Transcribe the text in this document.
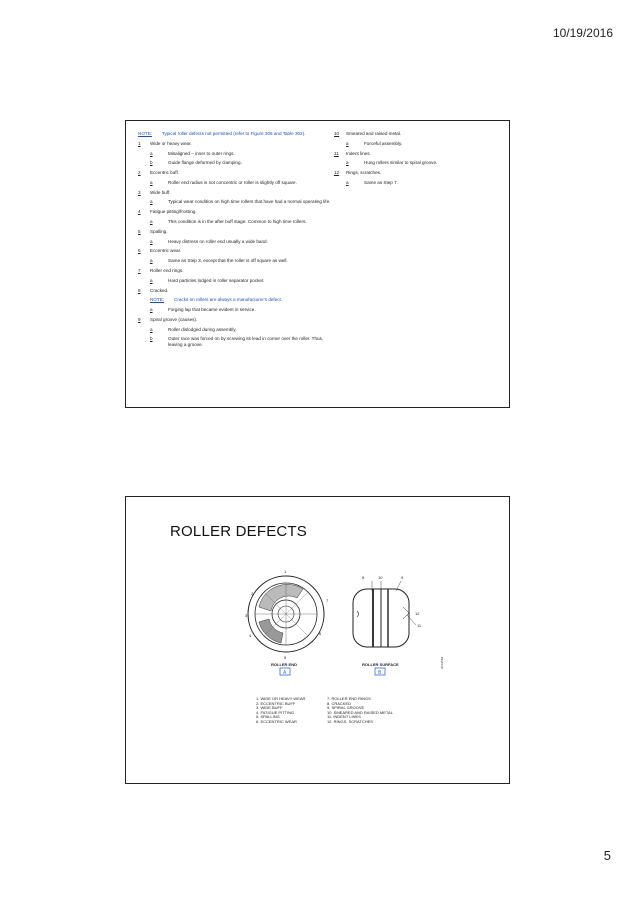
10/19/2016
NOTE: Typical roller defects not permitted (refer to Figure 305 and Table 302).
1 Wide or heavy wear.
a	Misaligned – inner to outer rings.
b	Guide flange deformed by clamping.
2 Eccentric buff.
a	Roller end radius is not concentric or roller is slightly off square.
3 Wide buff.
a	Typical wear condition on high time rollers that have had a normal operating life.
4 Fatigue pitting/frosting.
a	This condition is in the after buff stage. Common to high time rollers.
5 Spalling.
a	Heavy distress on roller end usually a wide band.
6 Eccentric wear.
a	Same as Step 3, except that the roller is off square as well.
7 Roller end rings.
a	Hard particles lodged in roller separator pocket.
8 Cracked.
NOTE: Cracks on rollers are always a manufacturer's defect.
a	Forging lap that became evident in service.
9 Spiral groove (causes).
a	Roller dislodged during assembly.
b	Outer race was forced on by screwing its lead in corner over the roller. Thus, leaving a groove.
10 Smeared and raised metal.
a	Forceful assembly.
11 Indent lines.
a	Hung rollers similar to spiral groove.
12 Rings, scratches.
a	Same as Step 7.
ROLLER DEFECTS
1
2
3
4
5
6
7
ROLLER END
A
8	9
10
11
12
ROLLER SURFACE
B
2C41518
1. WIDE OR HEAVY WEAR
2. ECCENTRIC BUFF
3. WIDE BUFF
4. FATIGUE PITTING
5. SPALLING
6. ECCENTRIC WEAR
7. ROLLER END RINGS
8. CRACKED
9. SPIRAL GROOVE
10. SMEARED AND RAISED METAL
11. INDENT LINES
12. RINGS, SCRATCHES
5
